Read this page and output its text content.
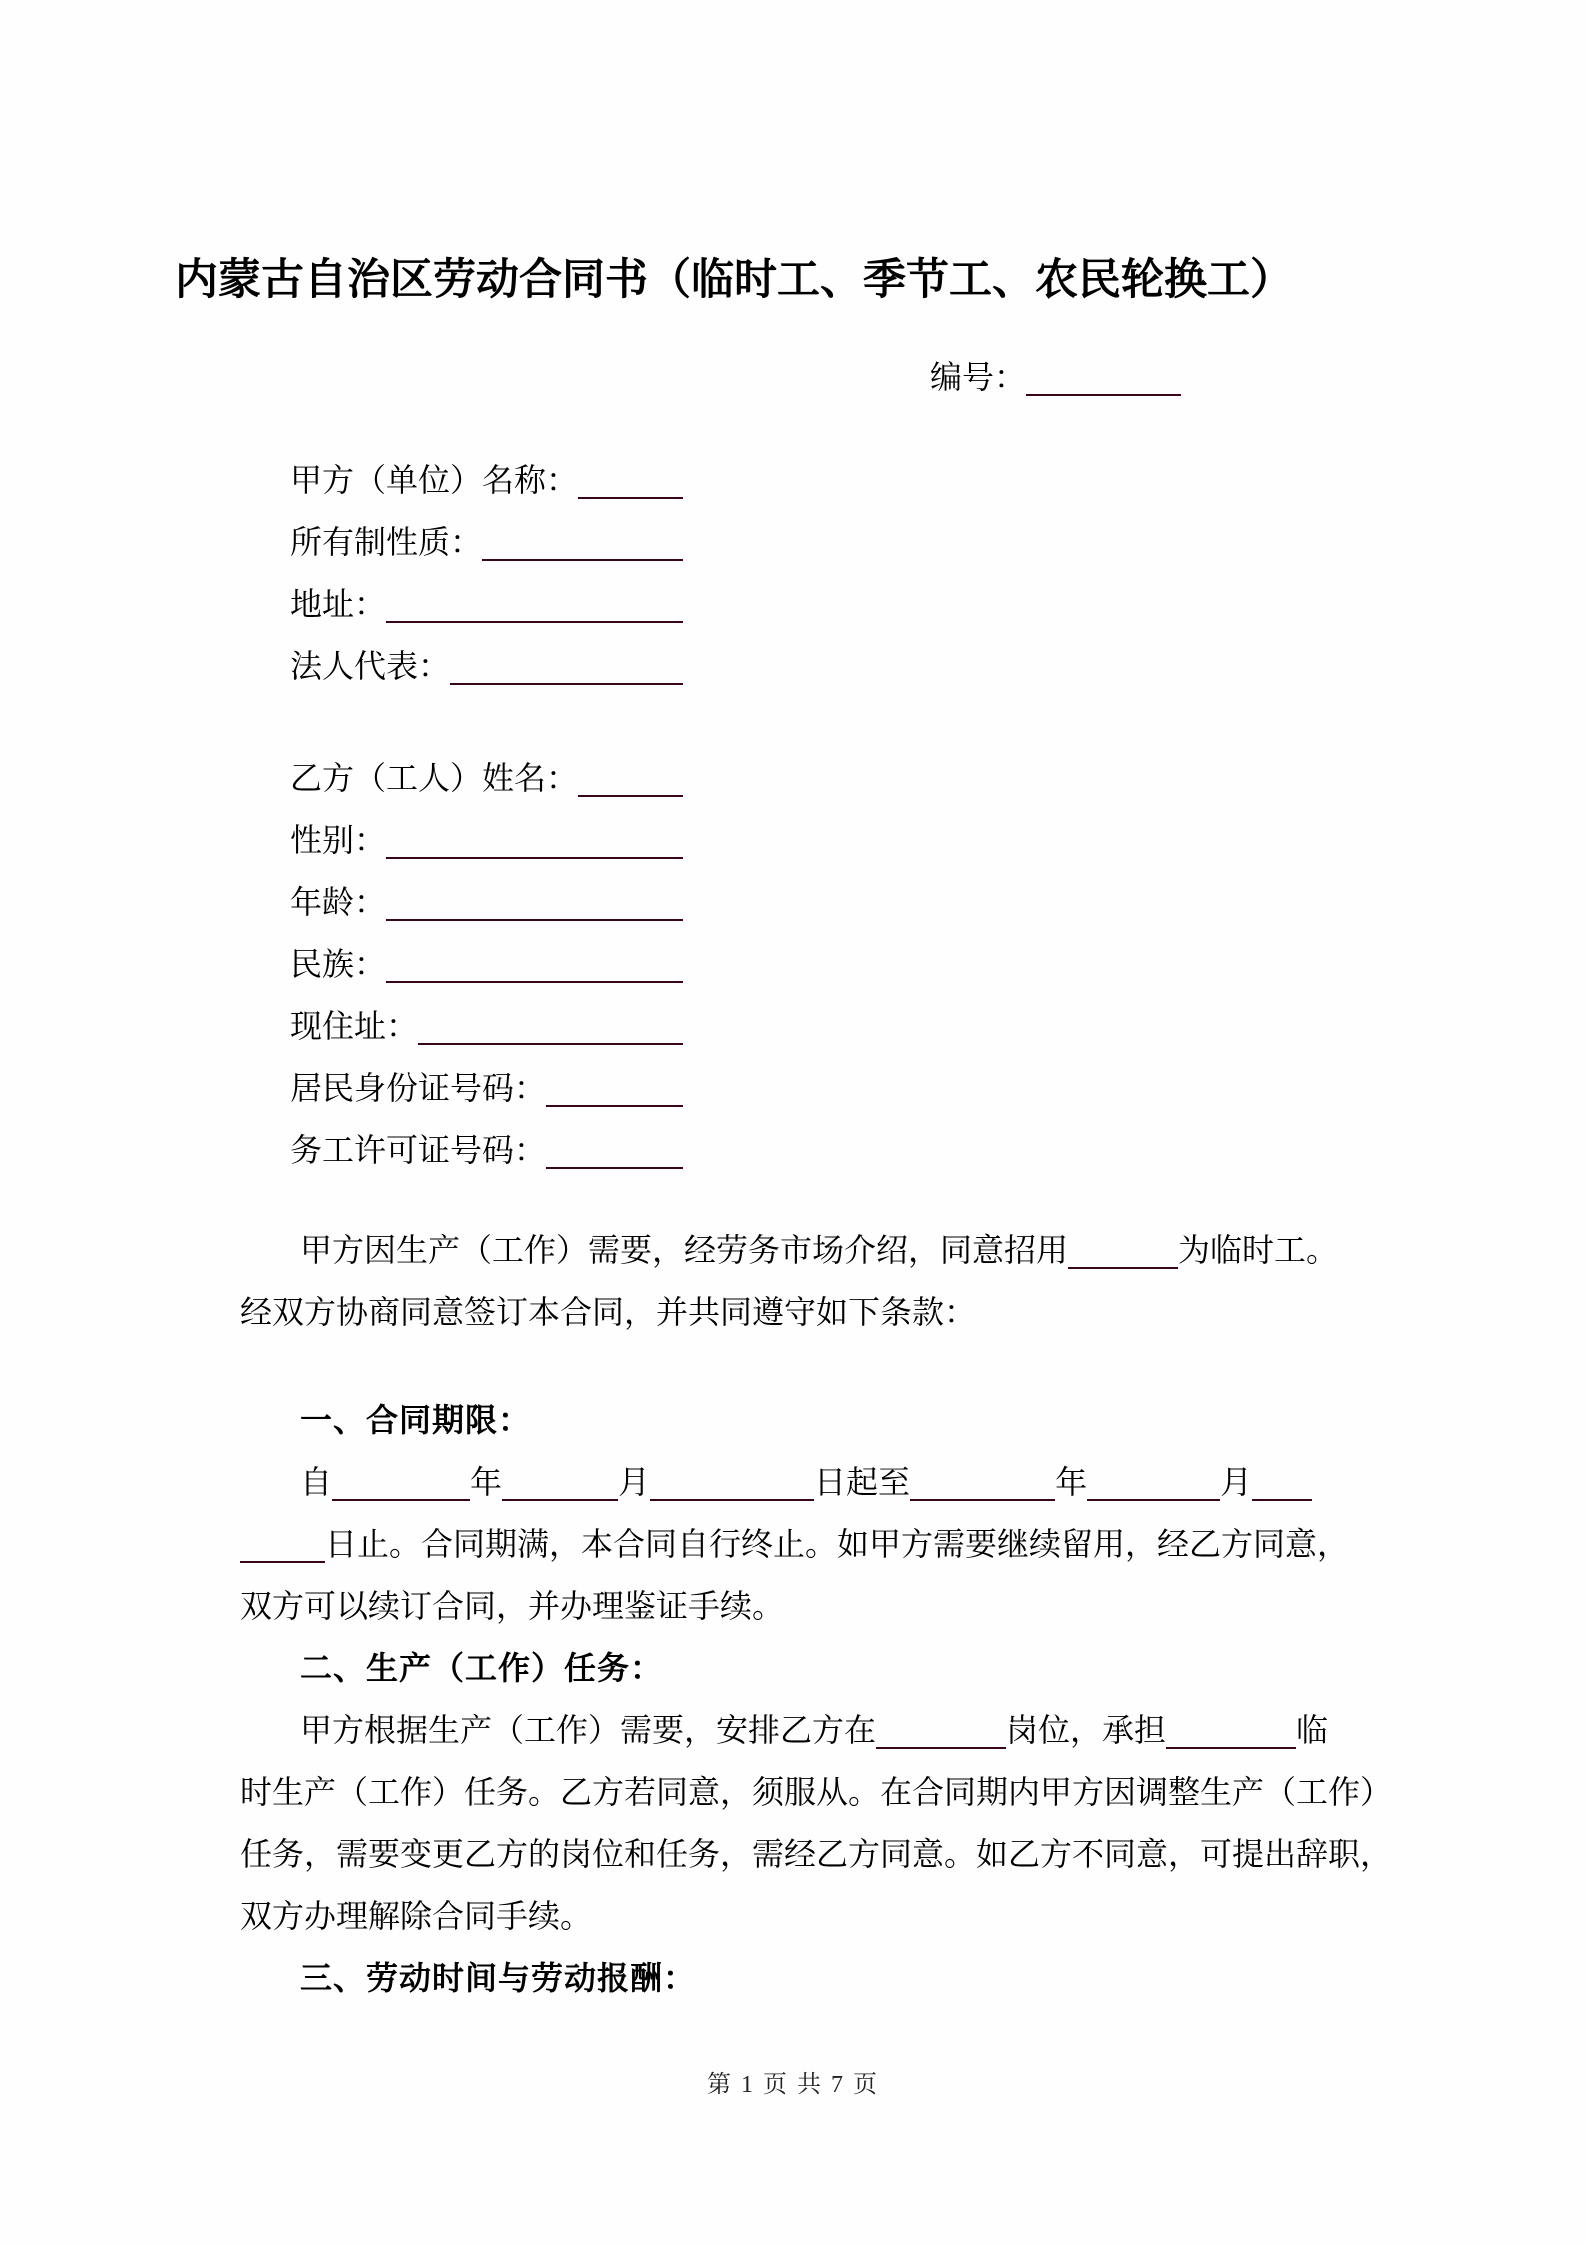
内蒙古自治区劳动合同书（临时工、季节工、农民轮换工）
编号：
甲方（单位）名称：
所有制性质：
地址：
法人代表：
乙方（工人）姓名：
性别：
年龄：
民族：
现住址：
居民身份证号码：
务工许可证号码：
甲方因生产（工作）需要，经劳务市场介绍，同意招用	为临时工。
经双方协商同意签订本合同，并共同遵守如下条款：
一、合同期限：
自	年	月	日起至	年	月
日止。合同期满，本合同自行终止。如甲方需要继续留用，经乙方同意，
双方可以续订合同，并办理鉴证手续。
二、生产（工作）任务：
甲方根据生产（工作）需要，安排乙方在	岗位，承担	临
时生产（工作）任务。乙方若同意，须服从。在合同期内甲方因调整生产（工作）
任务，需要变更乙方的岗位和任务，需经乙方同意。如乙方不同意，可提出辞职，
双方办理解除合同手续。
三、劳动时间与劳动报酬：
第 1 页 共 7 页
